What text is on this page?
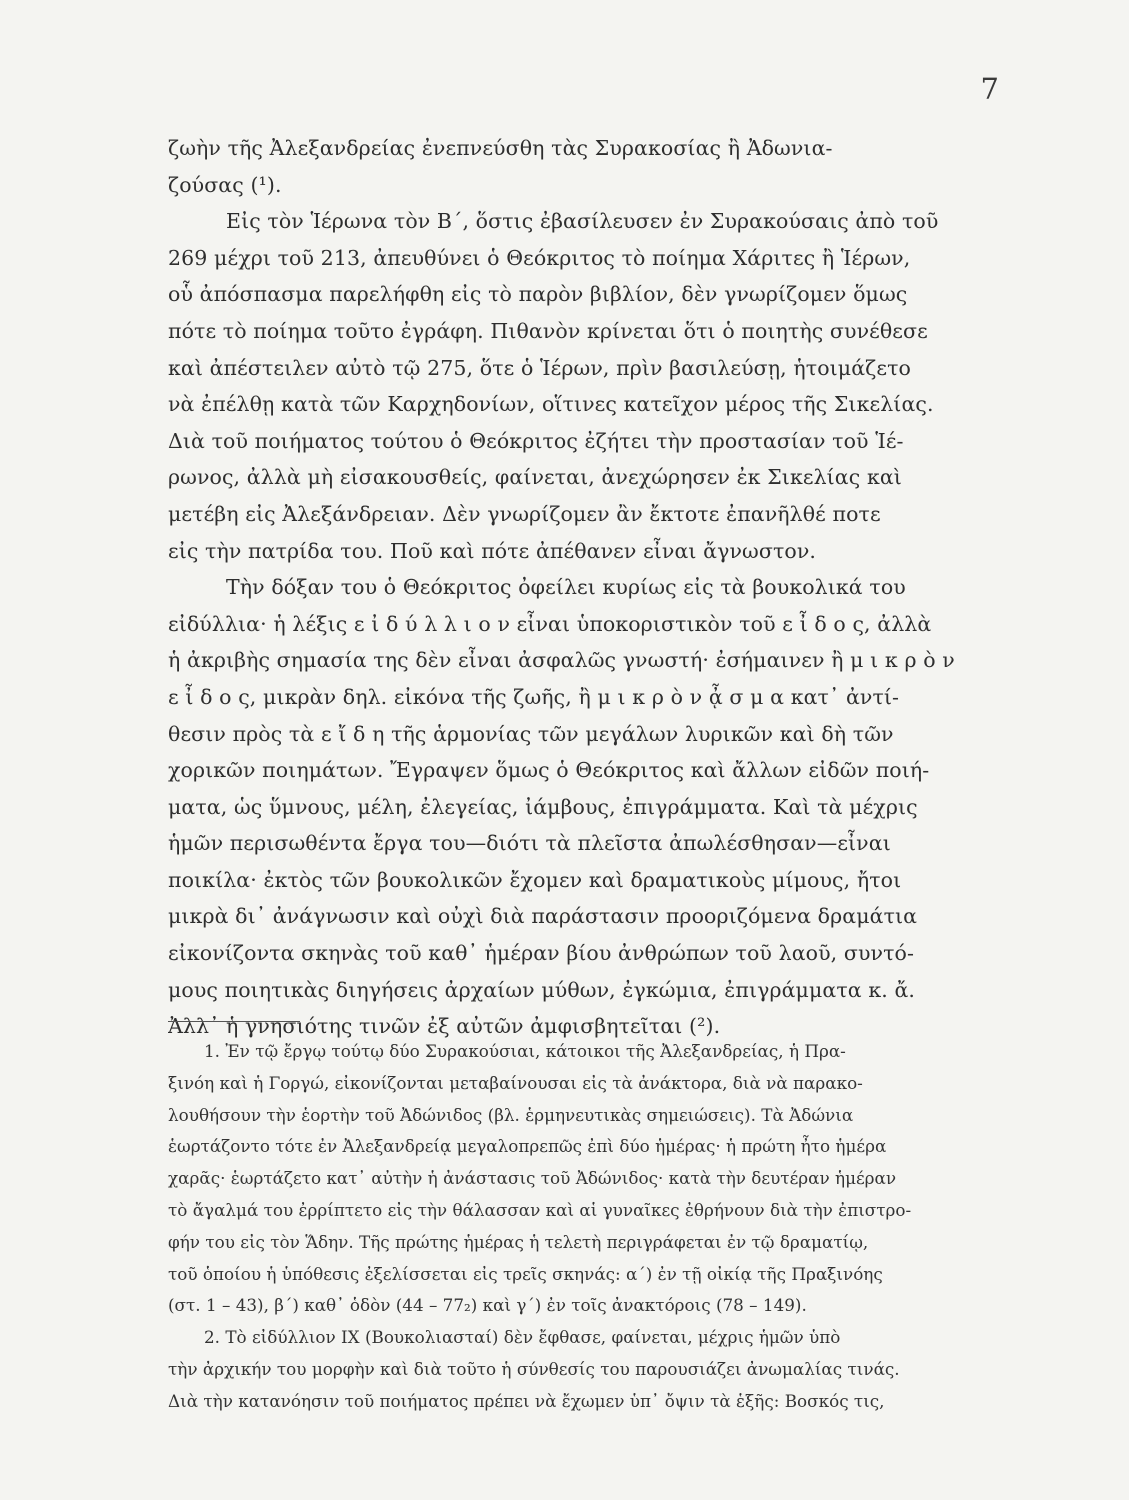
7
ζωὴν τῆς Ἀλεξανδρείας ἐνεπνεύσθη τὰς Συρακοσίας ἢ Ἀδωνια-
ζούσας (¹).
Εἰς τὸν Ἱέρωνα τὸν Β΄, ὅστις ἐβασίλευσεν ἐν Συρακούσαις ἀπὸ τοῦ
269 μέχρι τοῦ 213, ἀπευθύνει ὁ Θεόκριτος τὸ ποίημα Χάριτες ἢ Ἱέρων,
οὗ ἀπόσπασμα παρελήφθη εἰς τὸ παρὸν βιβλίον, δὲν γνωρίζομεν ὅμως
πότε τὸ ποίημα τοῦτο ἐγράφη. Πιθανὸν κρίνεται ὅτι ὁ ποιητὴς συνέθεσε
καὶ ἀπέστειλεν αὐτὸ τῷ 275, ὅτε ὁ Ἱέρων, πρὶν βασιλεύσῃ, ἡτοιμάζετο
νὰ ἐπέλθῃ κατὰ τῶν Καρχηδονίων, οἵτινες κατεῖχον μέρος τῆς Σικελίας.
Διὰ τοῦ ποιήματος τούτου ὁ Θεόκριτος ἐζήτει τὴν προστασίαν τοῦ Ἱέ-
ρωνος, ἀλλὰ μὴ εἰσακουσθείς, φαίνεται, ἀνεχώρησεν ἐκ Σικελίας καὶ
μετέβη εἰς Ἀλεξάνδρειαν. Δὲν γνωρίζομεν ἂν ἔκτοτε ἐπανῆλθέ ποτε
εἰς τὴν πατρίδα του. Ποῦ καὶ πότε ἀπέθανεν εἶναι ἄγνωστον.
Τὴν δόξαν του ὁ Θεόκριτος ὀφείλει κυρίως εἰς τὰ βουκολικά του
εἰδύλλια· ἡ λέξις ε ἰ δ ύ λ λ ι ο ν εἶναι ὑποκοριστικὸν τοῦ ε ἶ δ ο ς, ἀλλὰ
ἡ ἀκριβὴς σημασία της δὲν εἶναι ἀσφαλῶς γνωστή· ἐσήμαινεν ἢ μ ι κ ρ ὸ ν
ε ἶ δ ο ς, μικρὰν δηλ. εἰκόνα τῆς ζωῆς, ἢ μ ι κ ρ ὸ ν ᾆ σ μ α κατ᾽ ἀντί-
θεσιν πρὸς τὰ ε ἴ δ η τῆς ἁρμονίας τῶν μεγάλων λυρικῶν καὶ δὴ τῶν
χορικῶν ποιημάτων. Ἔγραψεν ὅμως ὁ Θεόκριτος καὶ ἄλλων εἰδῶν ποιή-
ματα, ὡς ὕμνους, μέλη, ἐλεγείας, ἰάμβους, ἐπιγράμματα. Καὶ τὰ μέχρις
ἡμῶν περισωθέντα ἔργα του—διότι τὰ πλεῖστα ἀπωλέσθησαν—εἶναι
ποικίλα· ἐκτὸς τῶν βουκολικῶν ἔχομεν καὶ δραματικοὺς μίμους, ἤτοι
μικρὰ δι᾽ ἀνάγνωσιν καὶ οὐχὶ διὰ παράστασιν προοριζόμενα δραμάτια
εἰκονίζοντα σκηνὰς τοῦ καθ᾽ ἡμέραν βίου ἀνθρώπων τοῦ λαοῦ, συντό-
μους ποιητικὰς διηγήσεις ἀρχαίων μύθων, ἐγκώμια, ἐπιγράμματα κ. ἄ.
Ἀλλ᾽ ἡ γνησιότης τινῶν ἐξ αὐτῶν ἀμφισβητεῖται (²).
1. Ἐν τῷ ἔργῳ τούτῳ δύο Συρακούσιαι, κάτοικοι τῆς Ἀλεξανδρείας, ἡ Πρα-
ξινόη καὶ ἡ Γοργώ, εἰκονίζονται μεταβαίνουσαι εἰς τὰ ἀνάκτορα, διὰ νὰ παρακο-
λουθήσουν τὴν ἑορτὴν τοῦ Ἀδώνιδος (βλ. ἑρμηνευτικὰς σημειώσεις). Τὰ Ἀδώνια
ἑωρτάζοντο τότε ἐν Ἀλεξανδρείᾳ μεγαλοπρεπῶς ἐπὶ δύο ἡμέρας· ἡ πρώτη ἦτο ἡμέρα
χαρᾶς· ἑωρτάζετο κατ᾽ αὐτὴν ἡ ἀνάστασις τοῦ Ἀδώνιδος· κατὰ τὴν δευτέραν ἡμέραν
τὸ ἄγαλμά του ἐρρίπτετο εἰς τὴν θάλασσαν καὶ αἱ γυναῖκες ἐθρήνουν διὰ τὴν ἐπιστρο-
φήν του εἰς τὸν Ἅδην. Τῆς πρώτης ἡμέρας ἡ τελετὴ περιγράφεται ἐν τῷ δραματίῳ,
τοῦ ὁποίου ἡ ὑπόθεσις ἐξελίσσεται εἰς τρεῖς σκηνάς: α΄) ἐν τῇ οἰκίᾳ τῆς Πραξινόης
(στ. 1 – 43), β΄) καθ᾽ ὁδὸν (44 – 77₂) καὶ γ΄) ἐν τοῖς ἀνακτόροις (78 – 149).
2. Τὸ εἰδύλλιον IX (Βουκολιασταί) δὲν ἔφθασε, φαίνεται, μέχρις ἡμῶν ὑπὸ
τὴν ἀρχικήν του μορφὴν καὶ διὰ τοῦτο ἡ σύνθεσίς του παρουσιάζει ἀνωμαλίας τινάς.
Διὰ τὴν κατανόησιν τοῦ ποιήματος πρέπει νὰ ἔχωμεν ὑπ᾽ ὄψιν τὰ ἑξῆς: Βοσκός τις,
